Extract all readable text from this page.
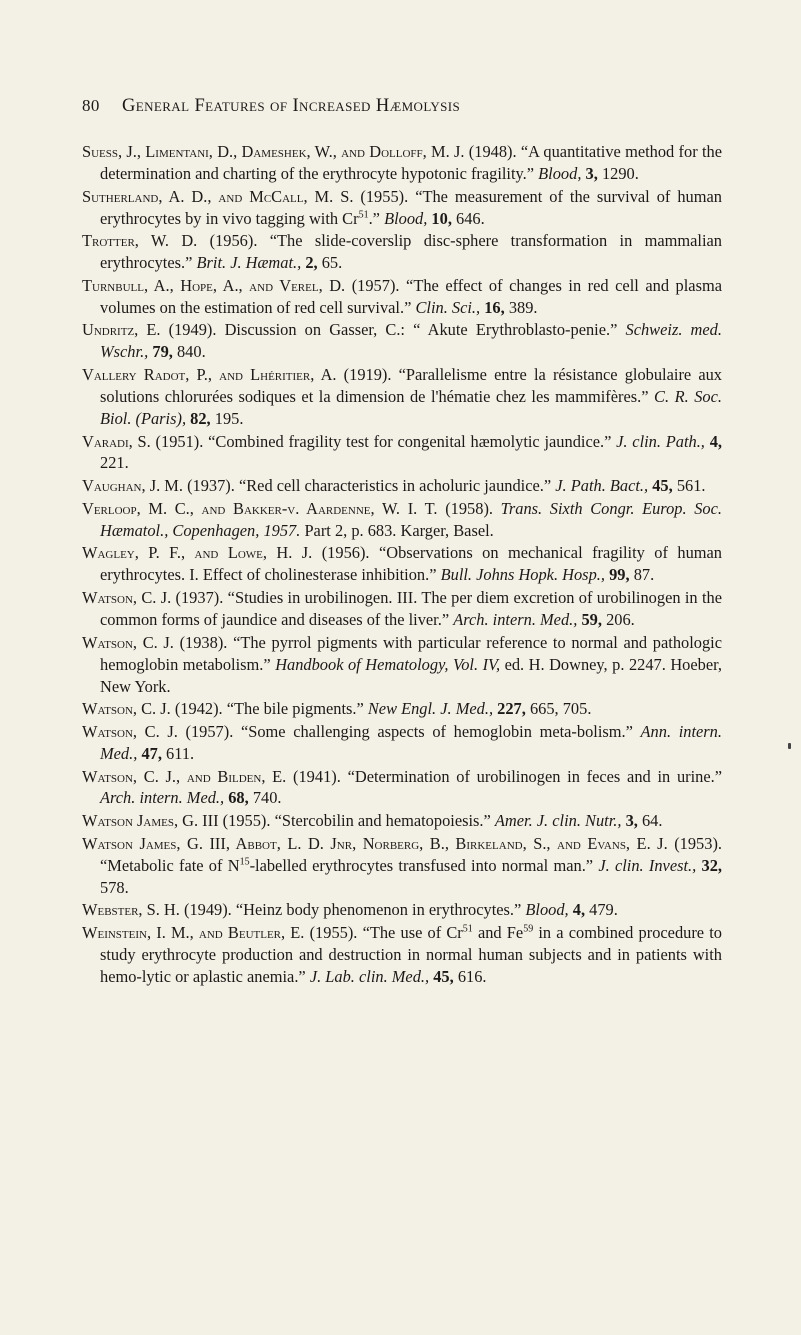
80	General Features of Increased Hæmolysis
Suess, J., Limentani, D., Dameshek, W., and Dolloff, M. J. (1948). “A quantitative method for the determination and charting of the erythrocyte hypotonic fragility.” Blood, 3, 1290.
Sutherland, A. D., and McCall, M. S. (1955). “The measurement of the survival of human erythrocytes by in vivo tagging with Cr$^{51}$.” Blood, 10, 646.
Trotter, W. D. (1956). “The slide-coverslip disc-sphere transformation in mammalian erythrocytes.” Brit. J. Hæmat., 2, 65.
Turnbull, A., Hope, A., and Verel, D. (1957). “The effect of changes in red cell and plasma volumes on the estimation of red cell survival.” Clin. Sci., 16, 389.
Undritz, E. (1949). Discussion on Gasser, C.: “ Akute Erythroblasto-penie.” Schweiz. med. Wschr., 79, 840.
Vallery Radot, P., and Lhéritier, A. (1919). “Parallelisme entre la résistance globulaire aux solutions chlorurées sodiques et la dimension de l'hématie chez les mammifères.” C. R. Soc. Biol. (Paris), 82, 195.
Varadi, S. (1951). “Combined fragility test for congenital hæmolytic jaundice.” J. clin. Path., 4, 221.
Vaughan, J. M. (1937). “Red cell characteristics in acholuric jaundice.” J. Path. Bact., 45, 561.
Verloop, M. C., and Bakker-v. Aardenne, W. I. T. (1958). Trans. Sixth Congr. Europ. Soc. Hæmatol., Copenhagen, 1957. Part 2, p. 683. Karger, Basel.
Wagley, P. F., and Lowe, H. J. (1956). “Observations on mechanical fragility of human erythrocytes. I. Effect of cholinesterase inhibition.” Bull. Johns Hopk. Hosp., 99, 87.
Watson, C. J. (1937). “Studies in urobilinogen. III. The per diem excretion of urobilinogen in the common forms of jaundice and diseases of the liver.” Arch. intern. Med., 59, 206.
Watson, C. J. (1938). “The pyrrol pigments with particular reference to normal and pathologic hemoglobin metabolism.” Handbook of Hematology, Vol. IV, ed. H. Downey, p. 2247. Hoeber, New York.
Watson, C. J. (1942). “The bile pigments.” New Engl. J. Med., 227, 665, 705.
Watson, C. J. (1957). “Some challenging aspects of hemoglobin meta-bolism.” Ann. intern. Med., 47, 611.
Watson, C. J., and Bilden, E. (1941). “Determination of urobilinogen in feces and in urine.” Arch. intern. Med., 68, 740.
Watson James, G. III (1955). “Stercobilin and hematopoiesis.” Amer. J. clin. Nutr., 3, 64.
Watson James, G. III, Abbot, L. D. Jnr, Norberg, B., Birkeland, S., and Evans, E. J. (1953). “Metabolic fate of $N^{15}$-labelled erythrocytes transfused into normal man.” J. clin. Invest., 32, 578.
Webster, S. H. (1949). “Heinz body phenomenon in erythrocytes.” Blood, 4, 479.
Weinstein, I. M., and Beutler, E. (1955). “The use of Cr$^{51}$ and Fe$^{59}$ in a combined procedure to study erythrocyte production and destruction in normal human subjects and in patients with hemo-lytic or aplastic anemia.” J. Lab. clin. Med., 45, 616.
